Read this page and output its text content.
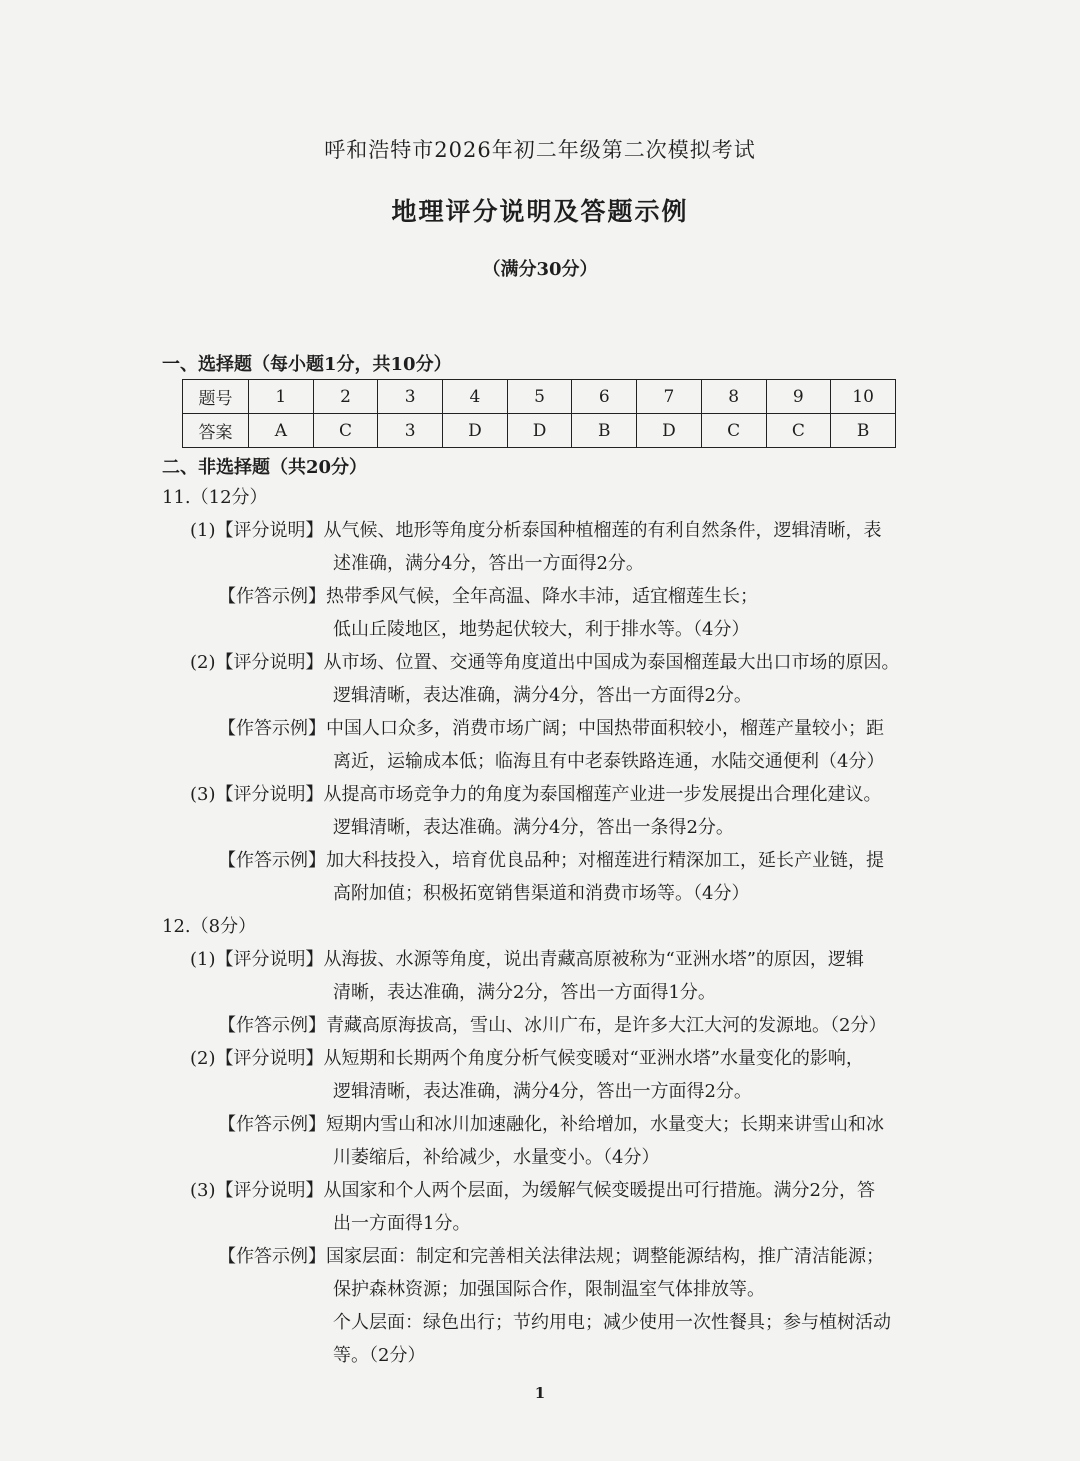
呼和浩特市2026年初二年级第二次模拟考试
地理评分说明及答题示例
（满分30分）
一、选择题（每小题1分，共10分）
题号	1	2	3	4	5	6	7	8	9	10
答案	A	C	3	D	D	B	D	C	C	B
二、非选择题（共20分）
11.（12分）
(1)【评分说明】从气候、地形等角度分析泰国种植榴莲的有利自然条件，逻辑清晰，表
述准确，满分4分，答出一方面得2分。
【作答示例】热带季风气候，全年高温、降水丰沛，适宜榴莲生长；
低山丘陵地区，地势起伏较大，利于排水等。（4分）
(2)【评分说明】从市场、位置、交通等角度道出中国成为泰国榴莲最大出口市场的原因。
逻辑清晰，表达准确，满分4分，答出一方面得2分。
【作答示例】中国人口众多，消费市场广阔；中国热带面积较小，榴莲产量较小；距
离近，运输成本低；临海且有中老泰铁路连通，水陆交通便利（4分）
(3)【评分说明】从提高市场竞争力的角度为泰国榴莲产业进一步发展提出合理化建议。
逻辑清晰，表达准确。满分4分，答出一条得2分。
【作答示例】加大科技投入，培育优良品种；对榴莲进行精深加工，延长产业链，提
高附加值；积极拓宽销售渠道和消费市场等。（4分）
12.（8分）
(1)【评分说明】从海拔、水源等角度，说出青藏高原被称为“亚洲水塔”的原因，逻辑
清晰，表达准确，满分2分，答出一方面得1分。
【作答示例】青藏高原海拔高，雪山、冰川广布，是许多大江大河的发源地。（2分）
(2)【评分说明】从短期和长期两个角度分析气候变暖对“亚洲水塔”水量变化的影响，
逻辑清晰，表达准确，满分4分，答出一方面得2分。
【作答示例】短期内雪山和冰川加速融化，补给增加，水量变大；长期来讲雪山和冰
川萎缩后，补给减少，水量变小。（4分）
(3)【评分说明】从国家和个人两个层面，为缓解气候变暖提出可行措施。满分2分，答
出一方面得1分。
【作答示例】国家层面：制定和完善相关法律法规；调整能源结构，推广清洁能源；
保护森林资源；加强国际合作，限制温室气体排放等。
个人层面：绿色出行；节约用电；减少使用一次性餐具；参与植树活动
等。（2分）
1
